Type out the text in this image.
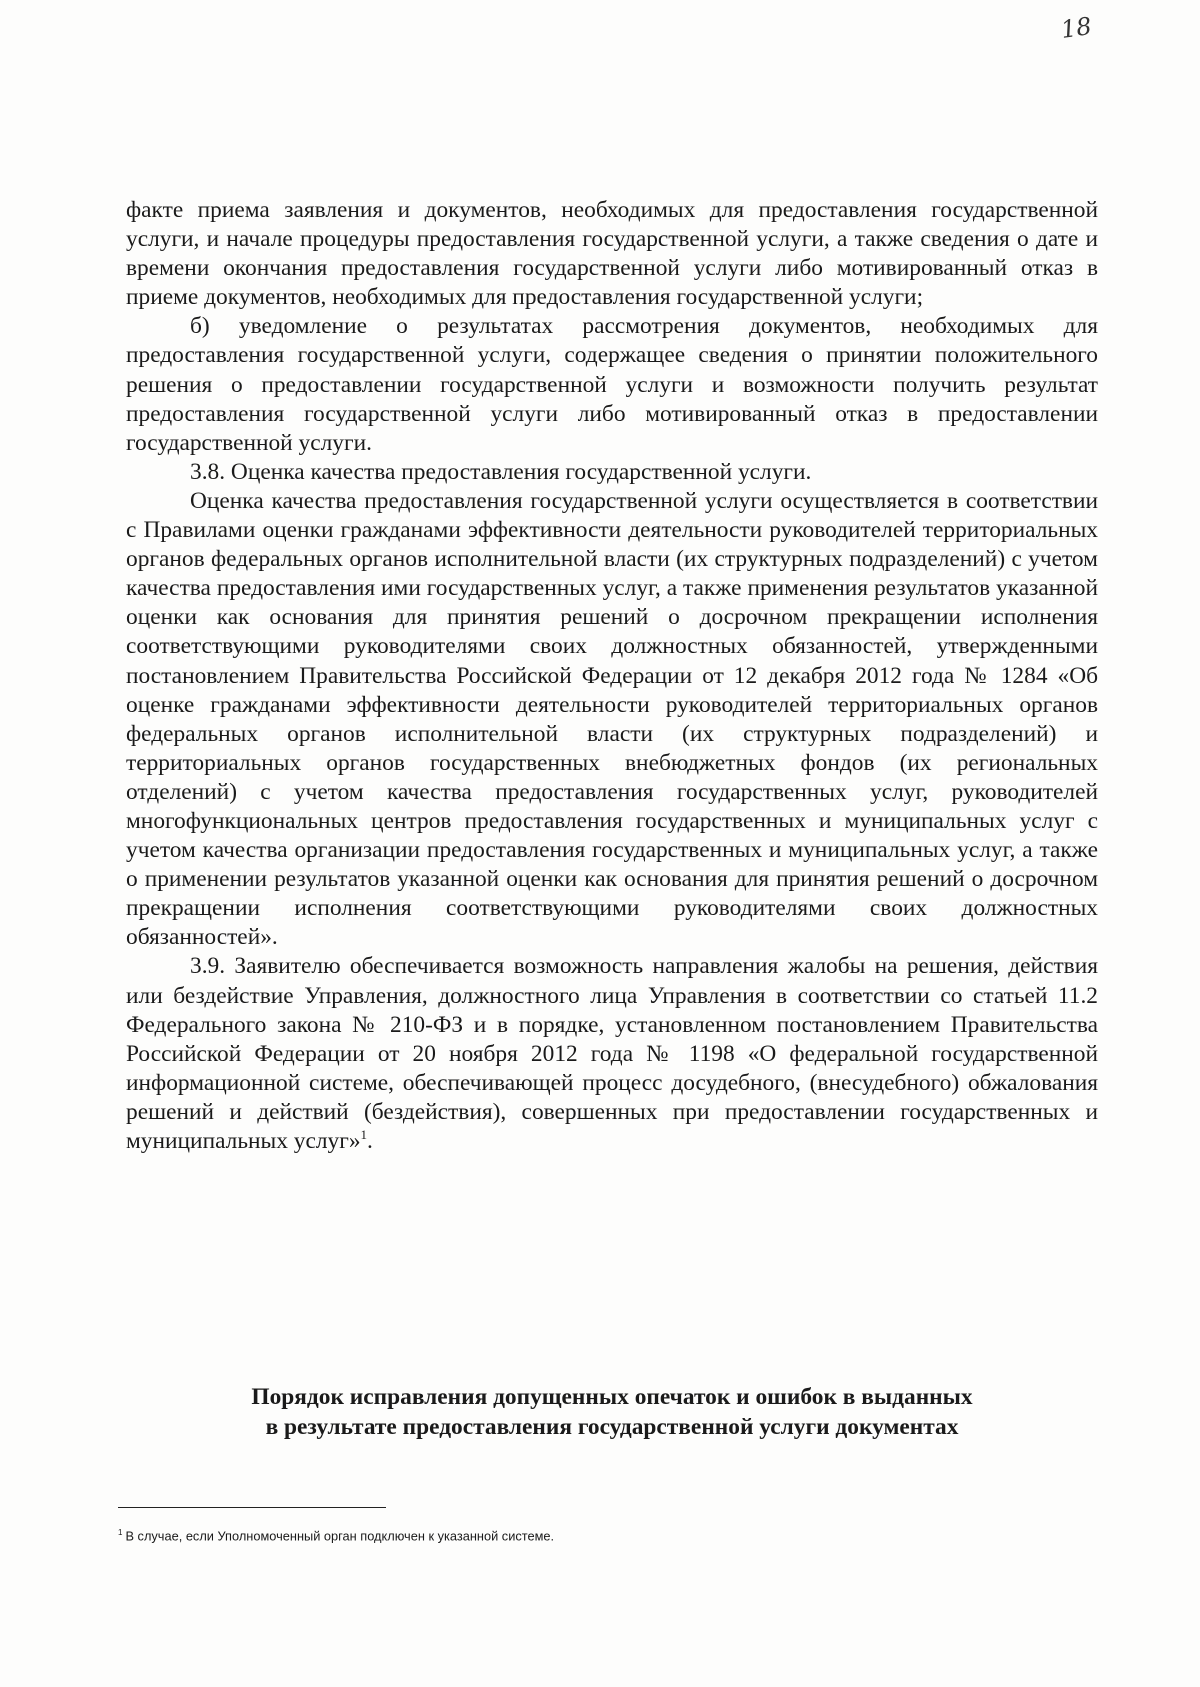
18

факте приема заявления и документов, необходимых для предоставления государственной услуги, и начале процедуры предоставления государственной услуги, а также сведения о дате и времени окончания предоставления государственной услуги либо мотивированный отказ в приеме документов, необходимых для предоставления государственной услуги;

б) уведомление о результатах рассмотрения документов, необходимых для предоставления государственной услуги, содержащее сведения о принятии положительного решения о предоставлении государственной услуги и возможности получить результат предоставления государственной услуги либо мотивированный отказ в предоставлении государственной услуги.

3.8. Оценка качества предоставления государственной услуги.

Оценка качества предоставления государственной услуги осуществляется в соответствии с Правилами оценки гражданами эффективности деятельности руководителей территориальных органов федеральных органов исполнительной власти (их структурных подразделений) с учетом качества предоставления ими государственных услуг, а также применения результатов указанной оценки как основания для принятия решений о досрочном прекращении исполнения соответствующими руководителями своих должностных обязанностей, утвержденными постановлением Правительства Российской Федерации от 12 декабря 2012 года № 1284 «Об оценке гражданами эффективности деятельности руководителей территориальных органов федеральных органов исполнительной власти (их структурных подразделений) и территориальных органов государственных внебюджетных фондов (их региональных отделений) с учетом качества предоставления государственных услуг, руководителей многофункциональных центров предоставления государственных и муниципальных услуг с учетом качества организации предоставления государственных и муниципальных услуг, а также о применении результатов указанной оценки как основания для принятия решений о досрочном прекращении исполнения соответствующими руководителями своих должностных обязанностей».

3.9. Заявителю обеспечивается возможность направления жалобы на решения, действия или бездействие Управления, должностного лица Управления в соответствии со статьей 11.2 Федерального закона № 210-ФЗ и в порядке, установленном постановлением Правительства Российской Федерации от 20 ноября 2012 года № 1198 «О федеральной государственной информационной системе, обеспечивающей процесс досудебного, (внесудебного) обжалования решений и действий (бездействия), совершенных при предоставлении государственных и муниципальных услуг»$^1$.

Порядок исправления допущенных опечаток и ошибок в выданных
в результате предоставления государственной услуги документах
$^1$ В случае, если Уполномоченный орган подключен к указанной системе.
